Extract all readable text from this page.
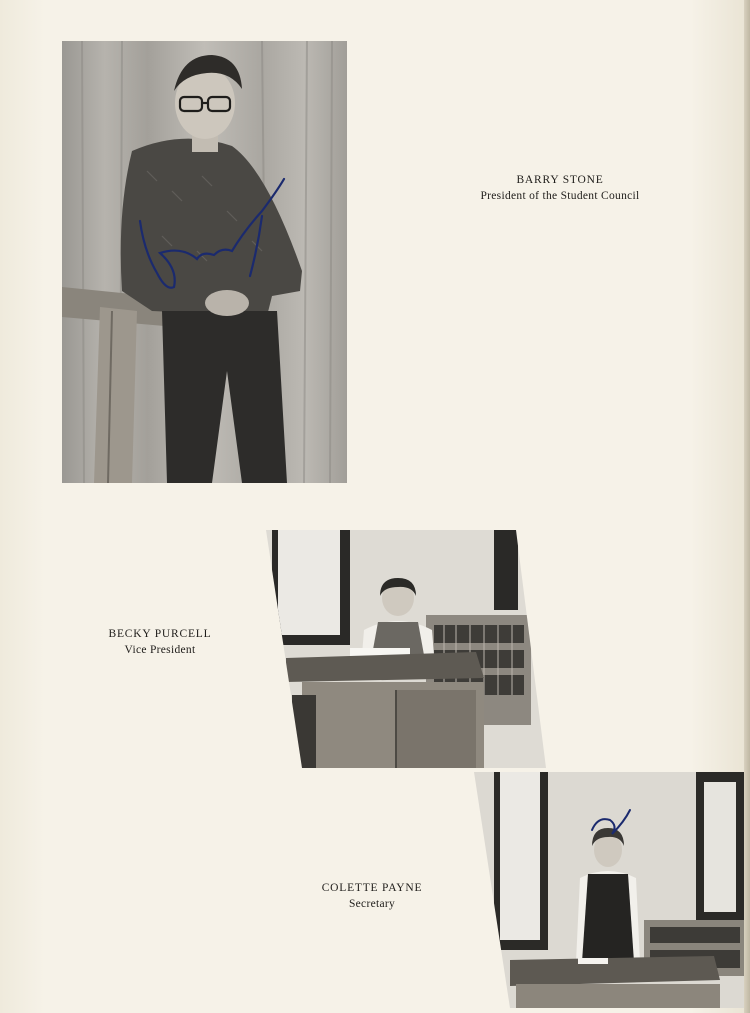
BARRY STONE
President of the Student Council
BECKY PURCELL
Vice President
COLETTE PAYNE
Secretary
